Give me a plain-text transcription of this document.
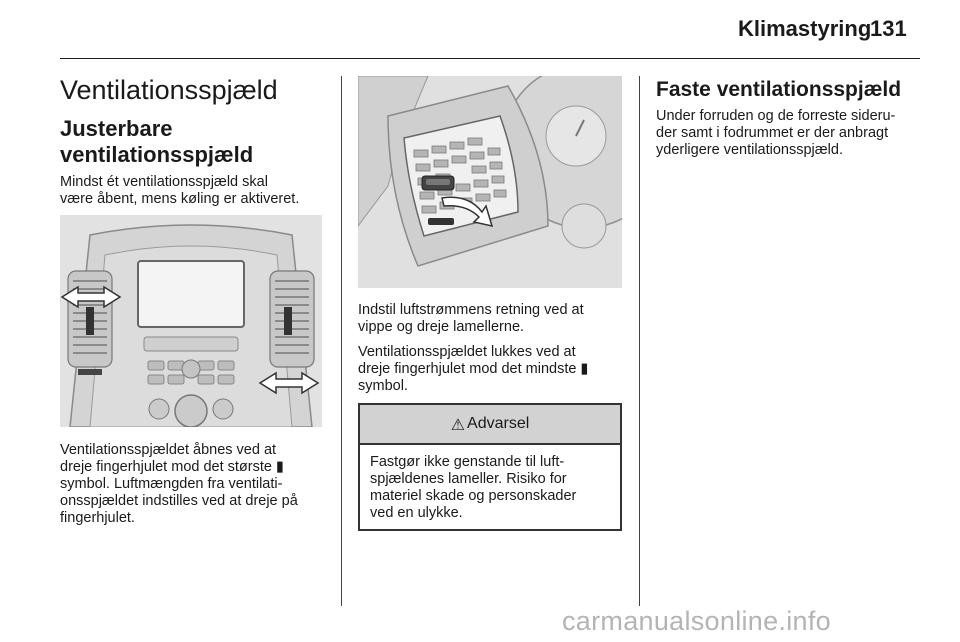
Klimastyring
131
Ventilationsspjæld
Justerbare
ventilationsspjæld

Mindst ét ventilationsspjæld skal
være åbent, mens køling er aktiveret.

Ventilationsspjældet åbnes ved at

dreje fingerhjulet mod det største ▮

symbol. Luftmængden fra ventilati-
onsspjældet indstilles ved at dreje på
fingerhjulet.

Indstil luftstrømmens retning ved at
vippe og dreje lamellerne.

Ventilationsspjældet lukkes ved at

dreje fingerhjulet mod det mindste ▮

symbol.

⚠ Advarsel
Fastgør ikke genstande til luft-
spjældenes lameller. Risiko for
materiel skade og personskader
ved en ulykke.
Faste ventilationsspjæld

Under forruden og de forreste sideru-
der samt i fodrummet er der anbragt
yderligere ventilationsspjæld.

carmanualsonline.info
